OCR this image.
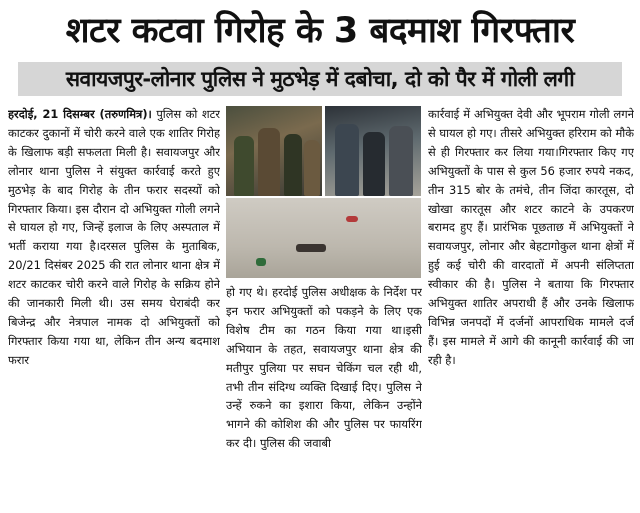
शटर कटवा गिरोह के 3 बदमाश गिरफ्तार
सवायजपुर-लोनार पुलिस ने मुठभेड़ में दबोचा, दो को पैर में गोली लगी

हरदोई, 21 दिसम्बर (तरुणमित्र)। पुलिस को शटर काटकर दुकानों में चोरी करने वाले एक शातिर गिरोह के खिलाफ बड़ी सफलता मिली है। सवायजपुर और लोनार थाना पुलिस ने संयुक्त कार्रवाई करते हुए मुठभेड़ के बाद गिरोह के तीन फरार सदस्यों को गिरफ्तार किया। इस दौरान दो अभियुक्त गोली लगने से घायल हो गए, जिन्हें इलाज के लिए अस्पताल में भर्ती कराया गया है।दरसल पुलिस के मुताबिक, 20/21 दिसंबर 2025 की रात लोनार थाना क्षेत्र में शटर काटकर चोरी करने वाले गिरोह के सक्रिय होने की जानकारी मिली थी। उस समय घेराबंदी कर बिजेन्द्र और नेत्रपाल नामक दो अभियुक्तों को गिरफ्तार किया गया था, लेकिन तीन अन्य बदमाश फरार

हो गए थे। हरदोई पुलिस अधीक्षक के निर्देश पर इन फरार अभियुक्तों को पकड़ने के लिए एक विशेष टीम का गठन किया गया था।इसी अभियान के तहत, सवायजपुर थाना क्षेत्र की मतीपुर पुलिया पर सघन चेकिंग चल रही थी, तभी तीन संदिग्ध व्यक्ति दिखाई दिए। पुलिस ने उन्हें रुकने का इशारा किया, लेकिन उन्होंने भागने की कोशिश की और पुलिस पर फायरिंग कर दी। पुलिस की जवाबी

कार्रवाई में अभियुक्त देवी और भूपराम गोली लगने से घायल हो गए। तीसरे अभियुक्त हरिराम को मौके से ही गिरफ्तार कर लिया गया।गिरफ्तार किए गए अभियुक्तों के पास से कुल 56 हजार रुपये नकद, तीन 315 बोर के तमंचे, तीन जिंदा कारतूस, दो खोखा कारतूस और शटर काटने के उपकरण बरामद हुए हैं। प्रारंभिक पूछताछ में अभियुक्तों ने सवायजपुर, लोनार और बेहटागोकुल थाना क्षेत्रों में हुई कई चोरी की वारदातों में अपनी संलिप्तता स्वीकार की है। पुलिस ने बताया कि गिरफ्तार अभियुक्त शातिर अपराधी हैं और उनके खिलाफ विभिन्न जनपदों में दर्जनों आपराधिक मामले दर्ज हैं। इस मामले में आगे की कानूनी कार्रवाई की जा रही है।
